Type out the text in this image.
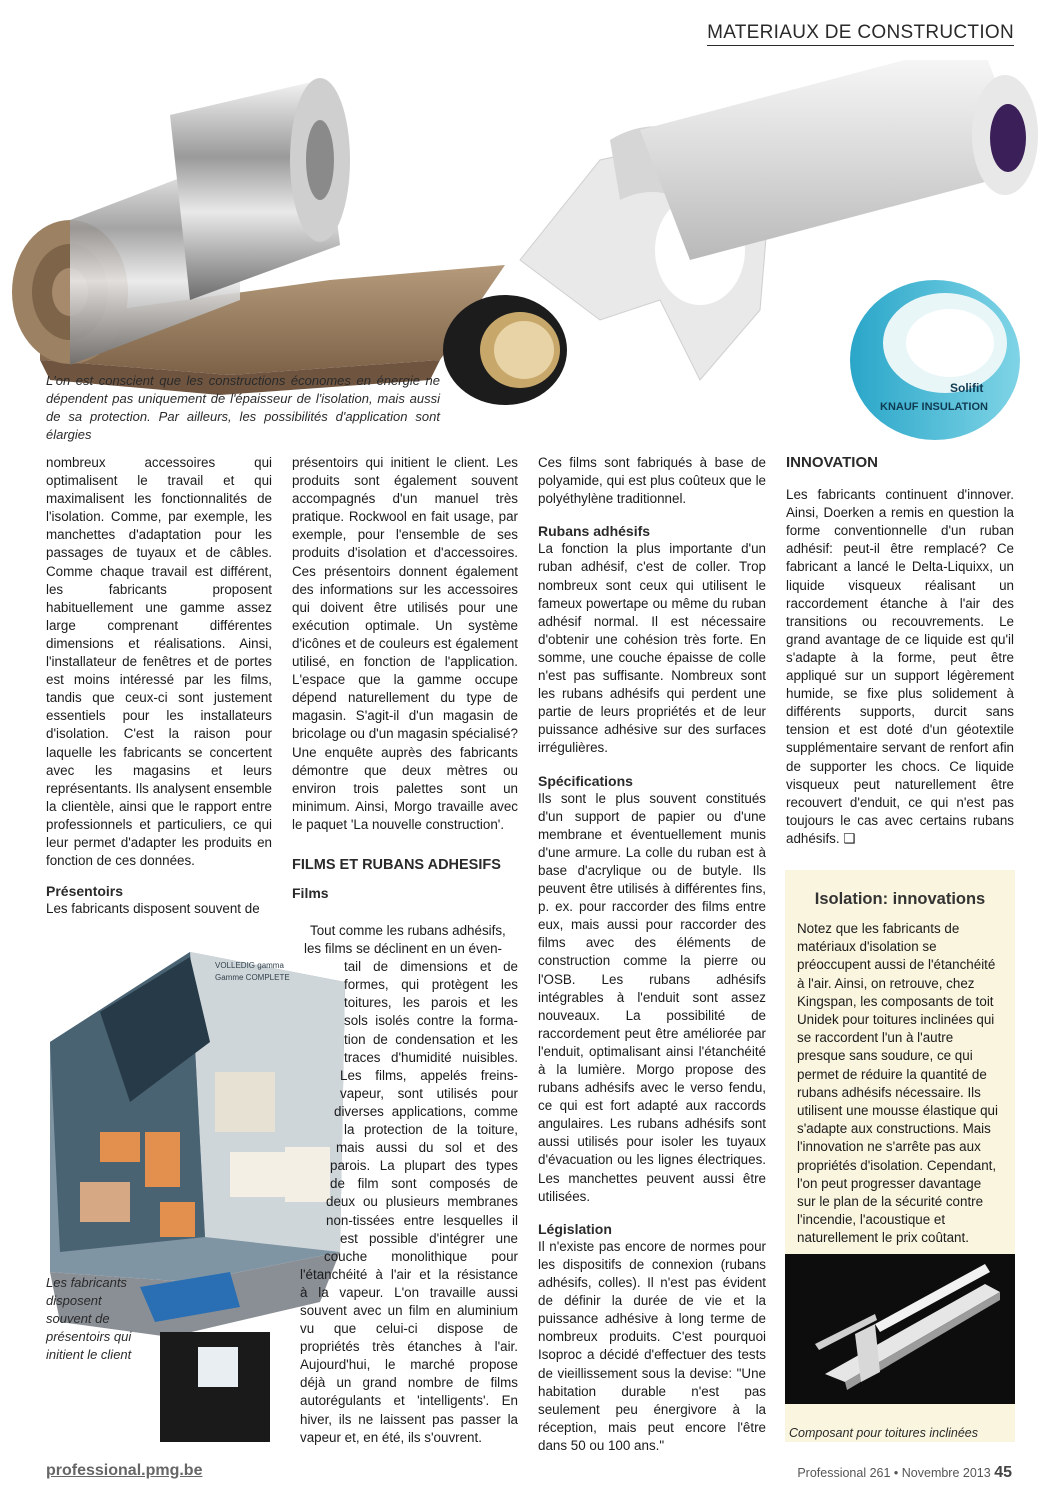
MATERIAUX DE CONSTRUCTION
KNAUF INSULATION
Solifit
L'on est conscient que les constructions économes en énergie ne dépendent pas uniquement de l'épaisseur de l'isolation, mais aussi de sa protection. Par ailleurs, les possibilités d'application sont élargies

nombreux accessoires qui optimalisent le travail et qui maximalisent les fonctionnalités de l'isolation. Comme, par exemple, les manchettes d'adaptation pour les passages de tuyaux et de câbles. Comme chaque travail est différent, les fabricants proposent habituellement une gamme assez large comprenant différentes dimensions et réalisations. Ainsi, l'installateur de fenêtres et de portes est moins intéressé par les films, tandis que ceux-ci sont justement essentiels pour les installateurs d'isolation. C'est la raison pour laquelle les fabricants se concertent avec les magasins et leurs représentants. Ils analysent ensemble la clientèle, ainsi que le rapport entre professionnels et particuliers, ce qui leur permet d'adapter les produits en fonction de ces données.

Présentoirs

Les fabricants disposent souvent de

VOLLEDIG gamma
Gamme COMPLETE
Les fabricants disposent souvent de présentoirs qui initient le client

présentoirs qui initient le client. Les produits sont également souvent accompagnés d'un manuel très pratique. Rockwool en fait usage, par exemple, pour l'ensemble de ses produits d'isolation et d'accessoires. Ces présentoirs donnent également des informations sur les accessoires qui doivent être utilisés pour une exécution optimale. Un système d'icônes et de couleurs est également utilisé, en fonction de l'application. L'espace que la gamme occupe dépend naturellement du type de magasin. S'agit-il d'un magasin de bricolage ou d'un magasin spécialisé? Une enquête auprès des fabricants démontre que deux mètres ou environ trois palettes sont un minimum. Ainsi, Morgo travaille avec le paquet 'La nouvelle construction'.

FILMS ET RUBANS ADHESIFS
Films
Tout comme les rubans adhésifs,
les films se déclinent en un éven-
tail de dimensions et de
formes, qui protègent les
toitures, les parois et les
sols isolés contre la forma-
tion de condensation et les
traces d'humidité nuisibles.
Les films, appelés freins-
vapeur, sont utilisés pour
diverses applications, comme
la protection de la toiture,
mais aussi du sol et des
parois. La plupart des types
de film sont composés de
deux ou plusieurs membranes
non-tissées entre lesquelles il
est possible d'intégrer une
couche monolithique pour
l'étanchéité à l'air et la résistance
à la vapeur. L'on travaille aussi
souvent avec un film en aluminium
vu que celui-ci dispose de
propriétés très étanches à l'air.
Aujourd'hui, le marché propose
déjà un grand nombre de films
autorégulants et 'intelligents'. En
hiver, ils ne laissent pas passer la
vapeur et, en été, ils s'ouvrent.

Ces films sont fabriqués à base de polyamide, qui est plus coûteux que le polyéthylène traditionnel.

Rubans adhésifs

La fonction la plus importante d'un ruban adhésif, c'est de coller. Trop nombreux sont ceux qui utilisent le fameux powertape ou même du ruban adhésif normal. Il est nécessaire d'obtenir une cohésion très forte. En somme, une couche épaisse de colle n'est pas suffisante. Nombreux sont les rubans adhésifs qui perdent une partie de leurs propriétés et de leur puissance adhésive sur des surfaces irrégulières.

Spécifications

Ils sont le plus souvent constitués d'un support de papier ou d'une membrane et éventuellement munis d'une armure. La colle du ruban est à base d'acrylique ou de butyle. Ils peuvent être utilisés à différentes fins, p. ex. pour raccorder des films entre eux, mais aussi pour raccorder des films avec des éléments de construction comme la pierre ou l'OSB. Les rubans adhésifs intégrables à l'enduit sont assez nouveaux. La possibilité de raccordement peut être améliorée par l'enduit, optimalisant ainsi l'étanchéité à la lumière. Morgo propose des rubans adhésifs avec le verso fendu, ce qui est fort adapté aux raccords angulaires. Les rubans adhésifs sont aussi utilisés pour isoler les tuyaux d'évacuation ou les lignes électriques. Les manchettes peuvent aussi être utilisées.

Législation

Il n'existe pas encore de normes pour les dispositifs de connexion (rubans adhésifs, colles). Il n'est pas évident de définir la durée de vie et la puissance adhésive à long terme de nombreux produits. C'est pourquoi Isoproc a décidé d'effectuer des tests de vieillissement sous la devise: "Une habitation durable n'est pas seulement peu énergivore à la réception, mais peut encore l'être dans 50 ou 100 ans."

INNOVATION

Les fabricants continuent d'innover. Ainsi, Doerken a remis en question la forme conventionnelle d'un ruban adhésif: peut-il être remplacé? Ce fabricant a lancé le Delta-Liquixx, un liquide visqueux réalisant un raccordement étanche à l'air des transitions ou recouvrements. Le grand avantage de ce liquide est qu'il s'adapte à la forme, peut être appliqué sur un support légèrement humide, se fixe plus solidement à différents supports, durcit sans tension et est doté d'un géotextile supplémentaire servant de renfort afin de supporter les chocs. Ce liquide visqueux peut naturellement être recouvert d'enduit, ce qui n'est pas toujours le cas avec certains rubans adhésifs. ❑

Isolation: innovations
Notez que les fabricants de matériaux d'isolation se préoccupent aussi de l'étanchéité à l'air. Ainsi, on retrouve, chez Kingspan, les composants de toit Unidek pour toitures inclinées qui se raccordent l'un à l'autre presque sans soudure, ce qui permet de réduire la quantité de rubans adhésifs nécessaire. Ils utilisent une mousse élastique qui s'adapte aux constructions. Mais l'innovation ne s'arrête pas aux propriétés d'isolation. Cependant, l'on peut progresser davantage sur le plan de la sécurité contre l'incendie, l'acoustique et naturellement le prix coûtant.
Composant pour toitures inclinées
professional.pmg.be	Professional 261 • Novembre 2013 45
